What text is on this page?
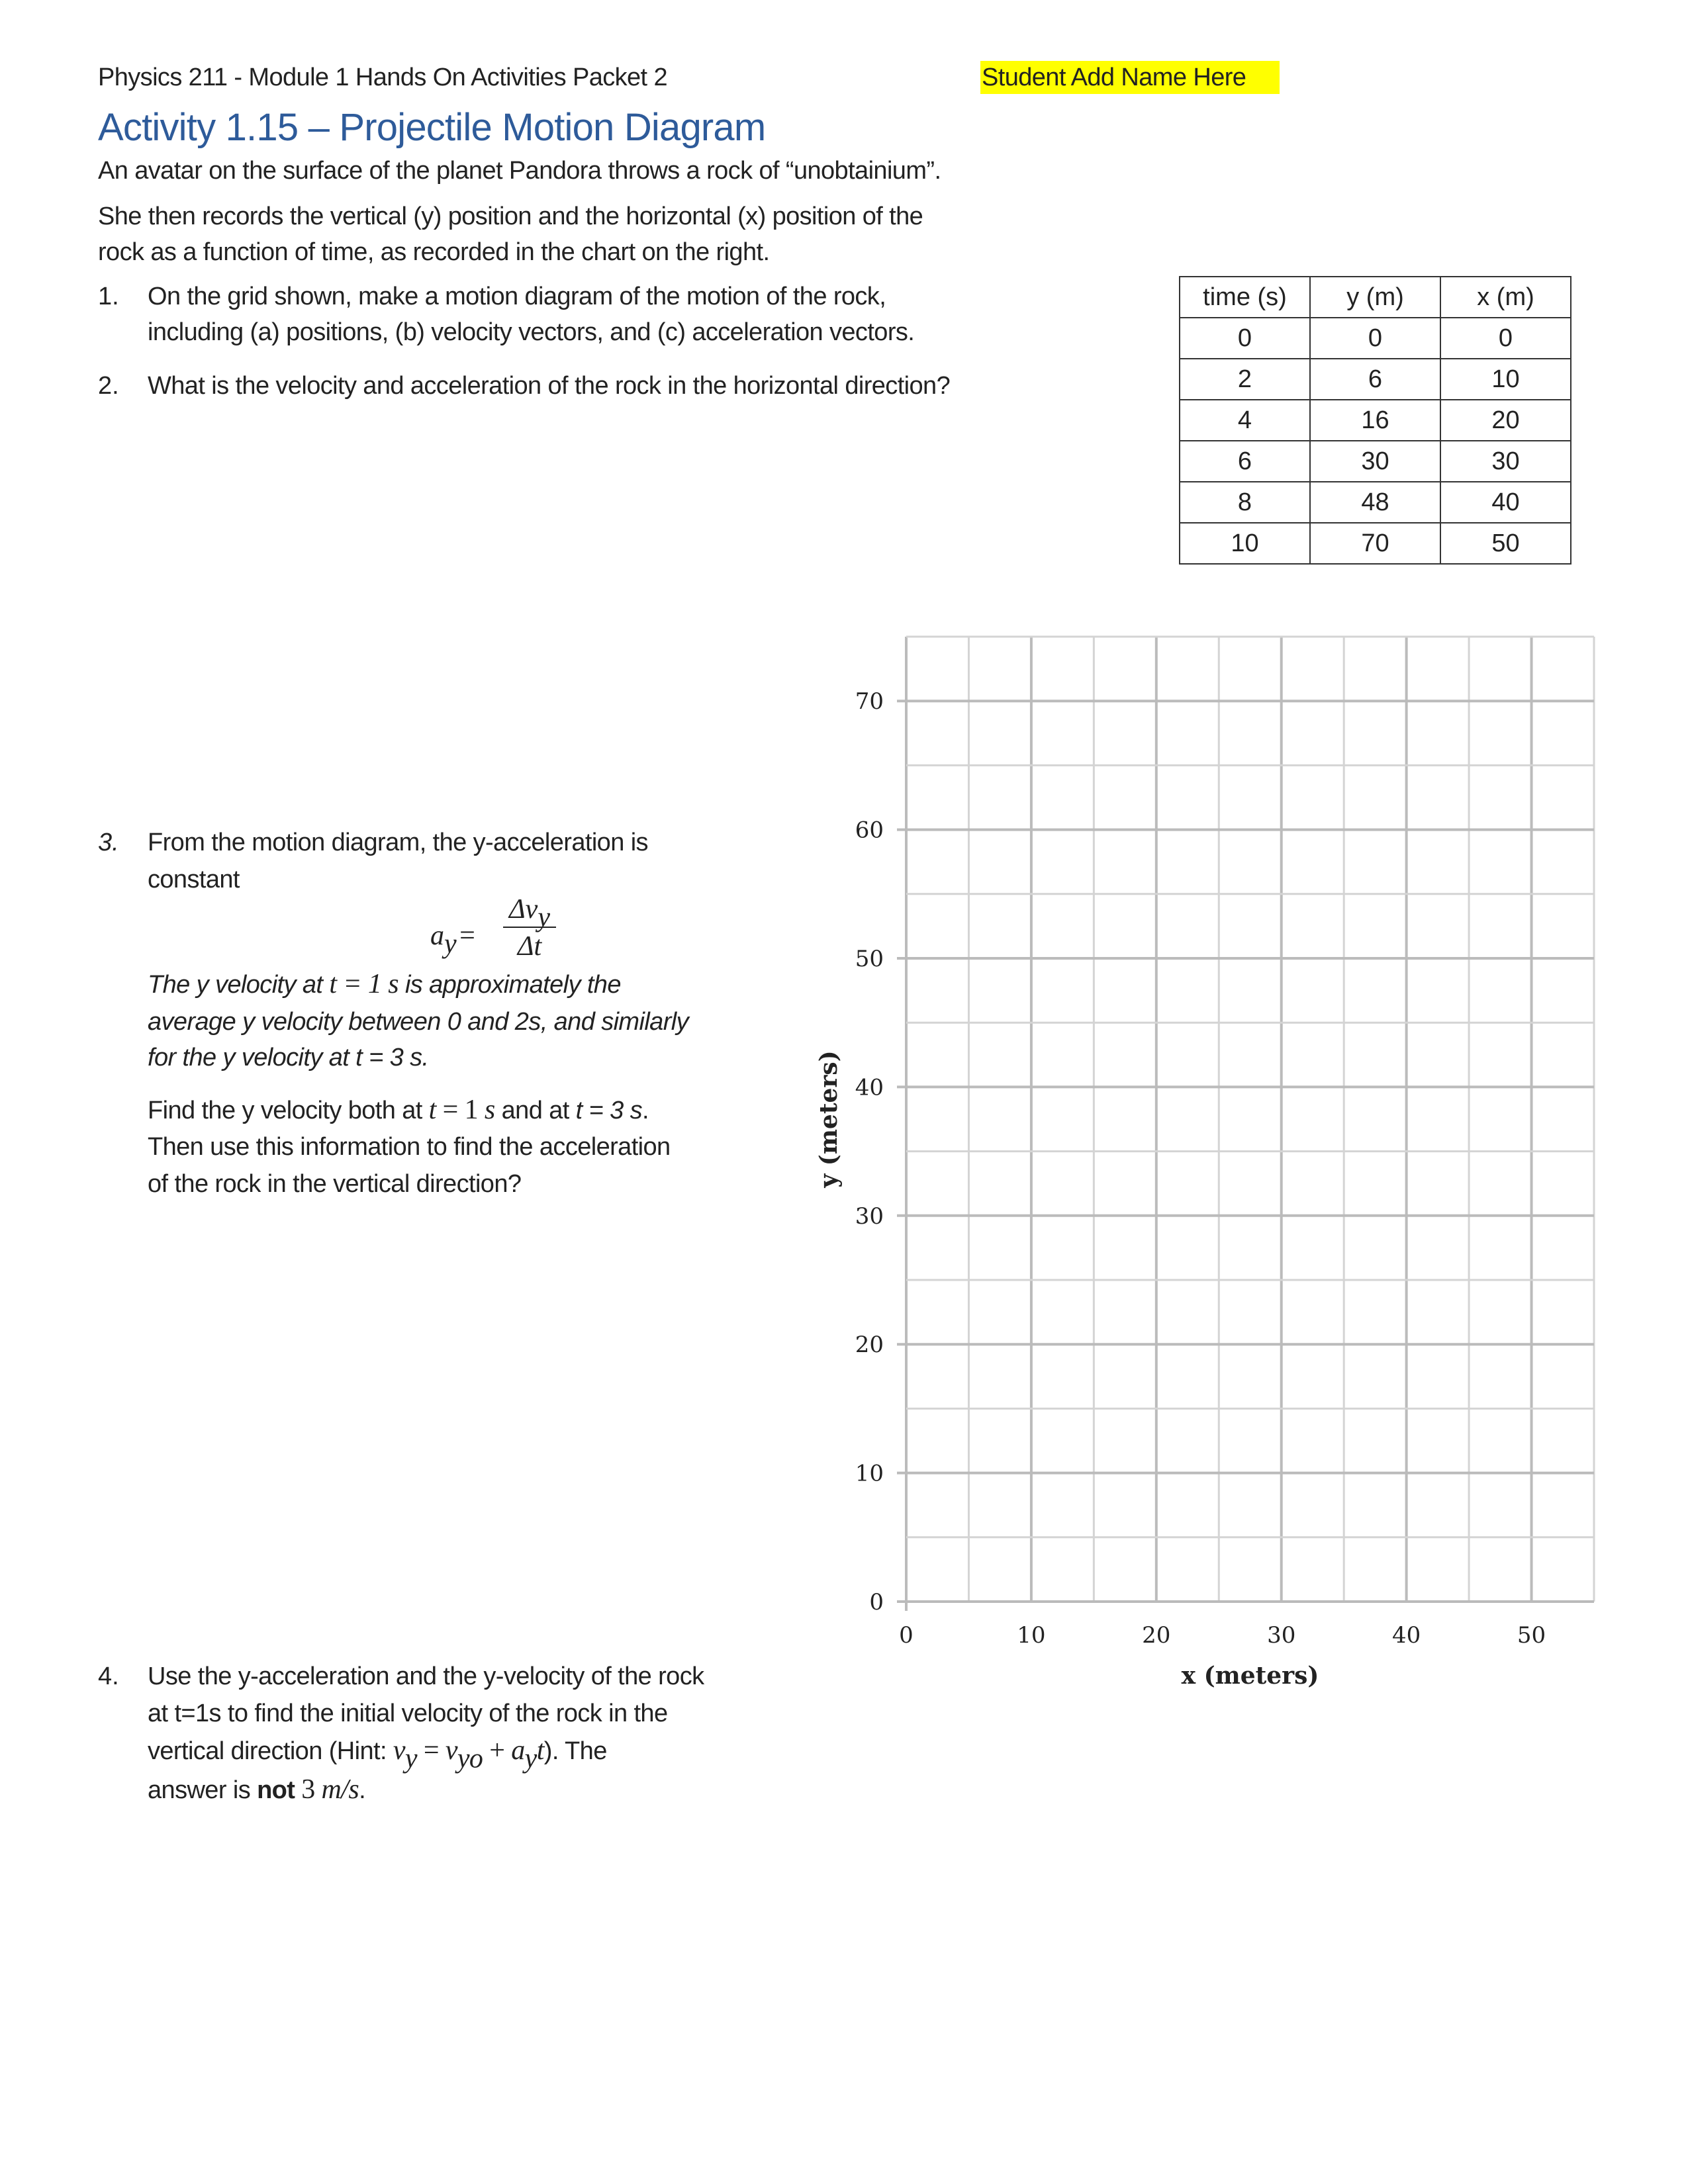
Physics 211 - Module 1 Hands On Activities Packet 2	Student Add Name Here
Activity 1.15 – Projectile Motion Diagram
An avatar on the surface of the planet Pandora throws a rock of “unobtainium”.
She then records the vertical (y) position and the horizontal (x) position of the
rock as a function of time, as recorded in the chart on the right.
1. On the grid shown, make a motion diagram of the motion of the rock,
including (a) positions, (b) velocity vectors, and (c) acceleration vectors.
2. What is the velocity and acceleration of the rock in the horizontal direction?
time (s)	y (m)	x (m)
0	0	0
2	6	10
4	16	20
6	30	30
8	48	40
10	70	50
3. From the motion diagram, the y-acceleration is
constant
$a_y$ =
$\Delta v_y$
Δt
The y velocity at t = 1 s is approximately the
average y velocity between 0 and 2s, and similarly
for the y velocity at t = 3 s.
Find the y velocity both at t = 1 s and at t = 3 s.
Then use this information to find the acceleration
of the rock in the vertical direction?
4. Use the y-acceleration and the y-velocity of the rock
at t=1s to find the initial velocity of the rock in the
vertical direction (Hint: $v_y = v_{yo} + a_yt$). The
answer is not 3 m/s.
0	10	20	30	40	50
0
10
20
30
40
50
60
70
x (meters)
y (meters)
